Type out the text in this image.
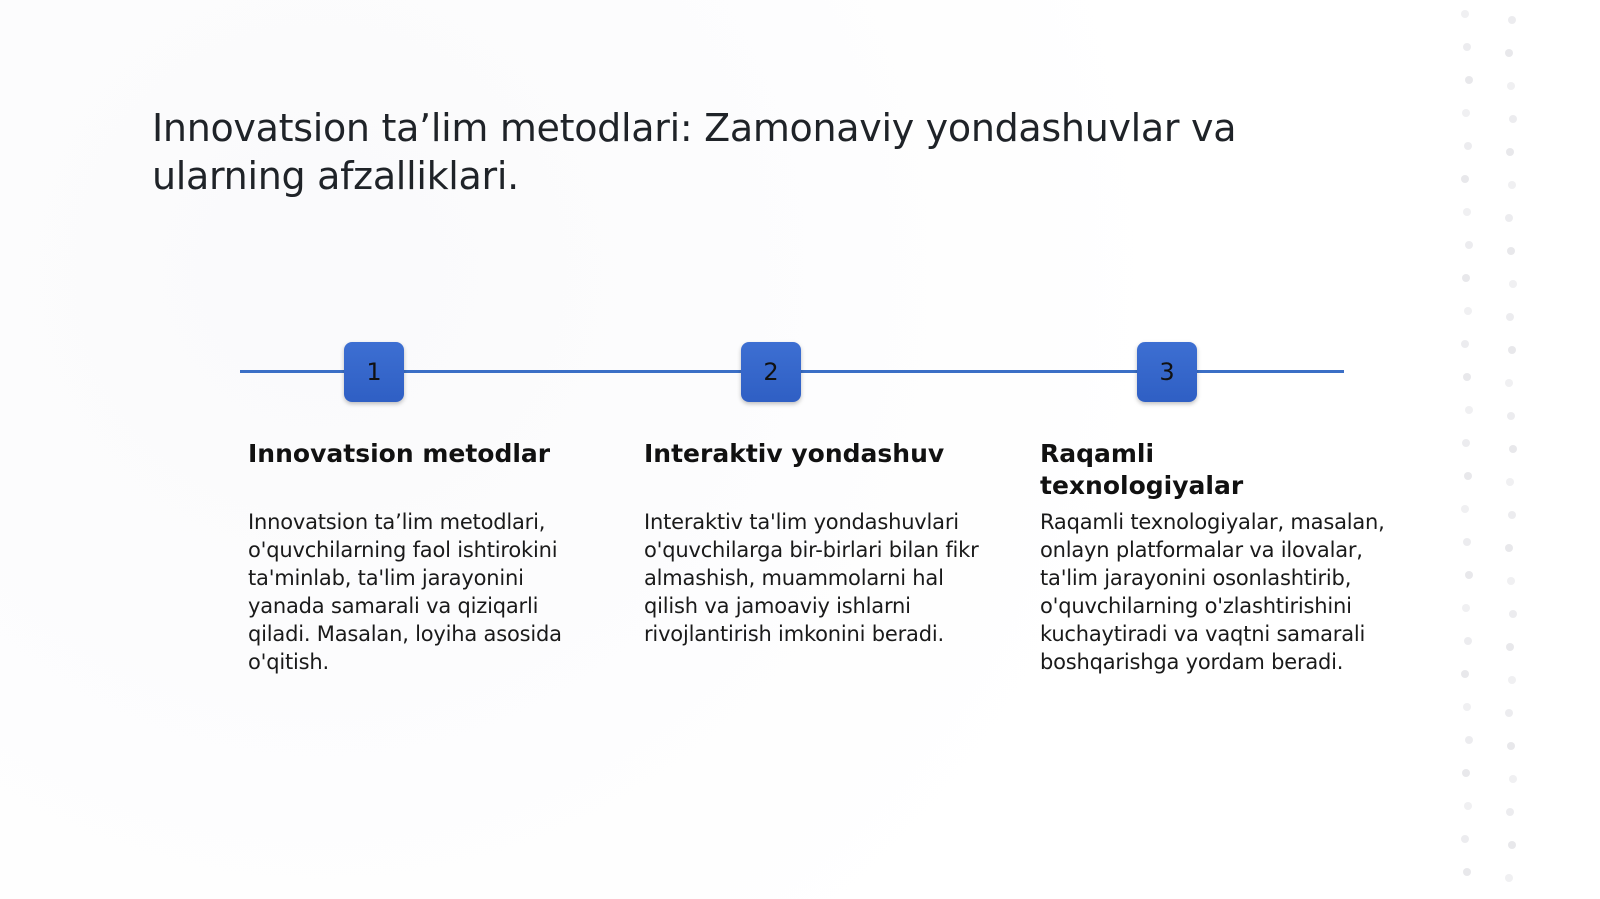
Innovatsion ta’lim metodlari: Zamonaviy yondashuvlar va ularning afzalliklari.
1	2	3
Innovatsion metodlar	Interaktiv yondashuv	Raqamli texnologiyalar

Innovatsion ta’lim metodlari, o'quvchilarning faol ishtirokini ta'minlab, ta'lim jarayonini yanada samarali va qiziqarli qiladi. Masalan, loyiha asosida o'qitish.

Interaktiv ta'lim yondashuvlari o'quvchilarga bir-birlari bilan fikr almashish, muammolarni hal qilish va jamoaviy ishlarni rivojlantirish imkonini beradi.

Raqamli texnologiyalar, masalan, onlayn platformalar va ilovalar, ta'lim jarayonini osonlashtirib, o'quvchilarning o'zlashtirishini kuchaytiradi va vaqtni samarali boshqarishga yordam beradi.
